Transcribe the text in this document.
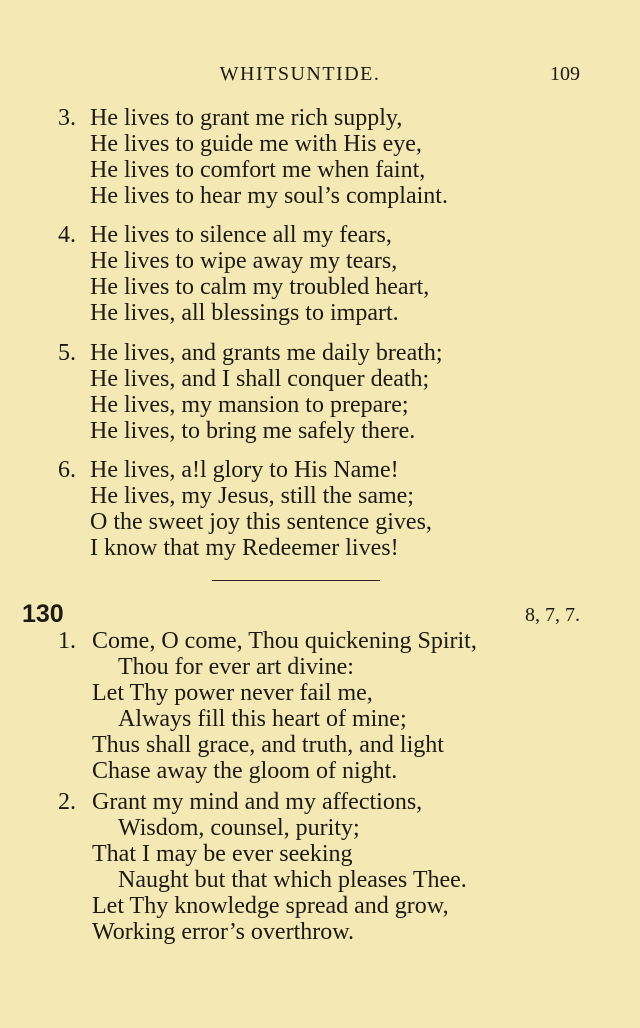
WHITSUNTIDE.	109
3. He lives to grant me rich supply,
He lives to guide me with His eye,
He lives to comfort me when faint,
He lives to hear my soul’s complaint.
4. He lives to silence all my fears,
He lives to wipe away my tears,
He lives to calm my troubled heart,
He lives, all blessings to impart.
5. He lives, and grants me daily breath;
He lives, and I shall conquer death;
He lives, my mansion to prepare;
He lives, to bring me safely there.
6. He lives, a!l glory to His Name!
He lives, my Jesus, still the same;
O the sweet joy this sentence gives,
I know that my Redeemer lives!
130	8, 7, 7.
1. Come, O come, Thou quickening Spirit,
Thou for ever art divine:
Let Thy power never fail me,
Always fill this heart of mine;
Thus shall grace, and truth, and light
Chase away the gloom of night.
2. Grant my mind and my affections,
Wisdom, counsel, purity;
That I may be ever seeking
Naught but that which pleases Thee.
Let Thy knowledge spread and grow,
Working error’s overthrow.
